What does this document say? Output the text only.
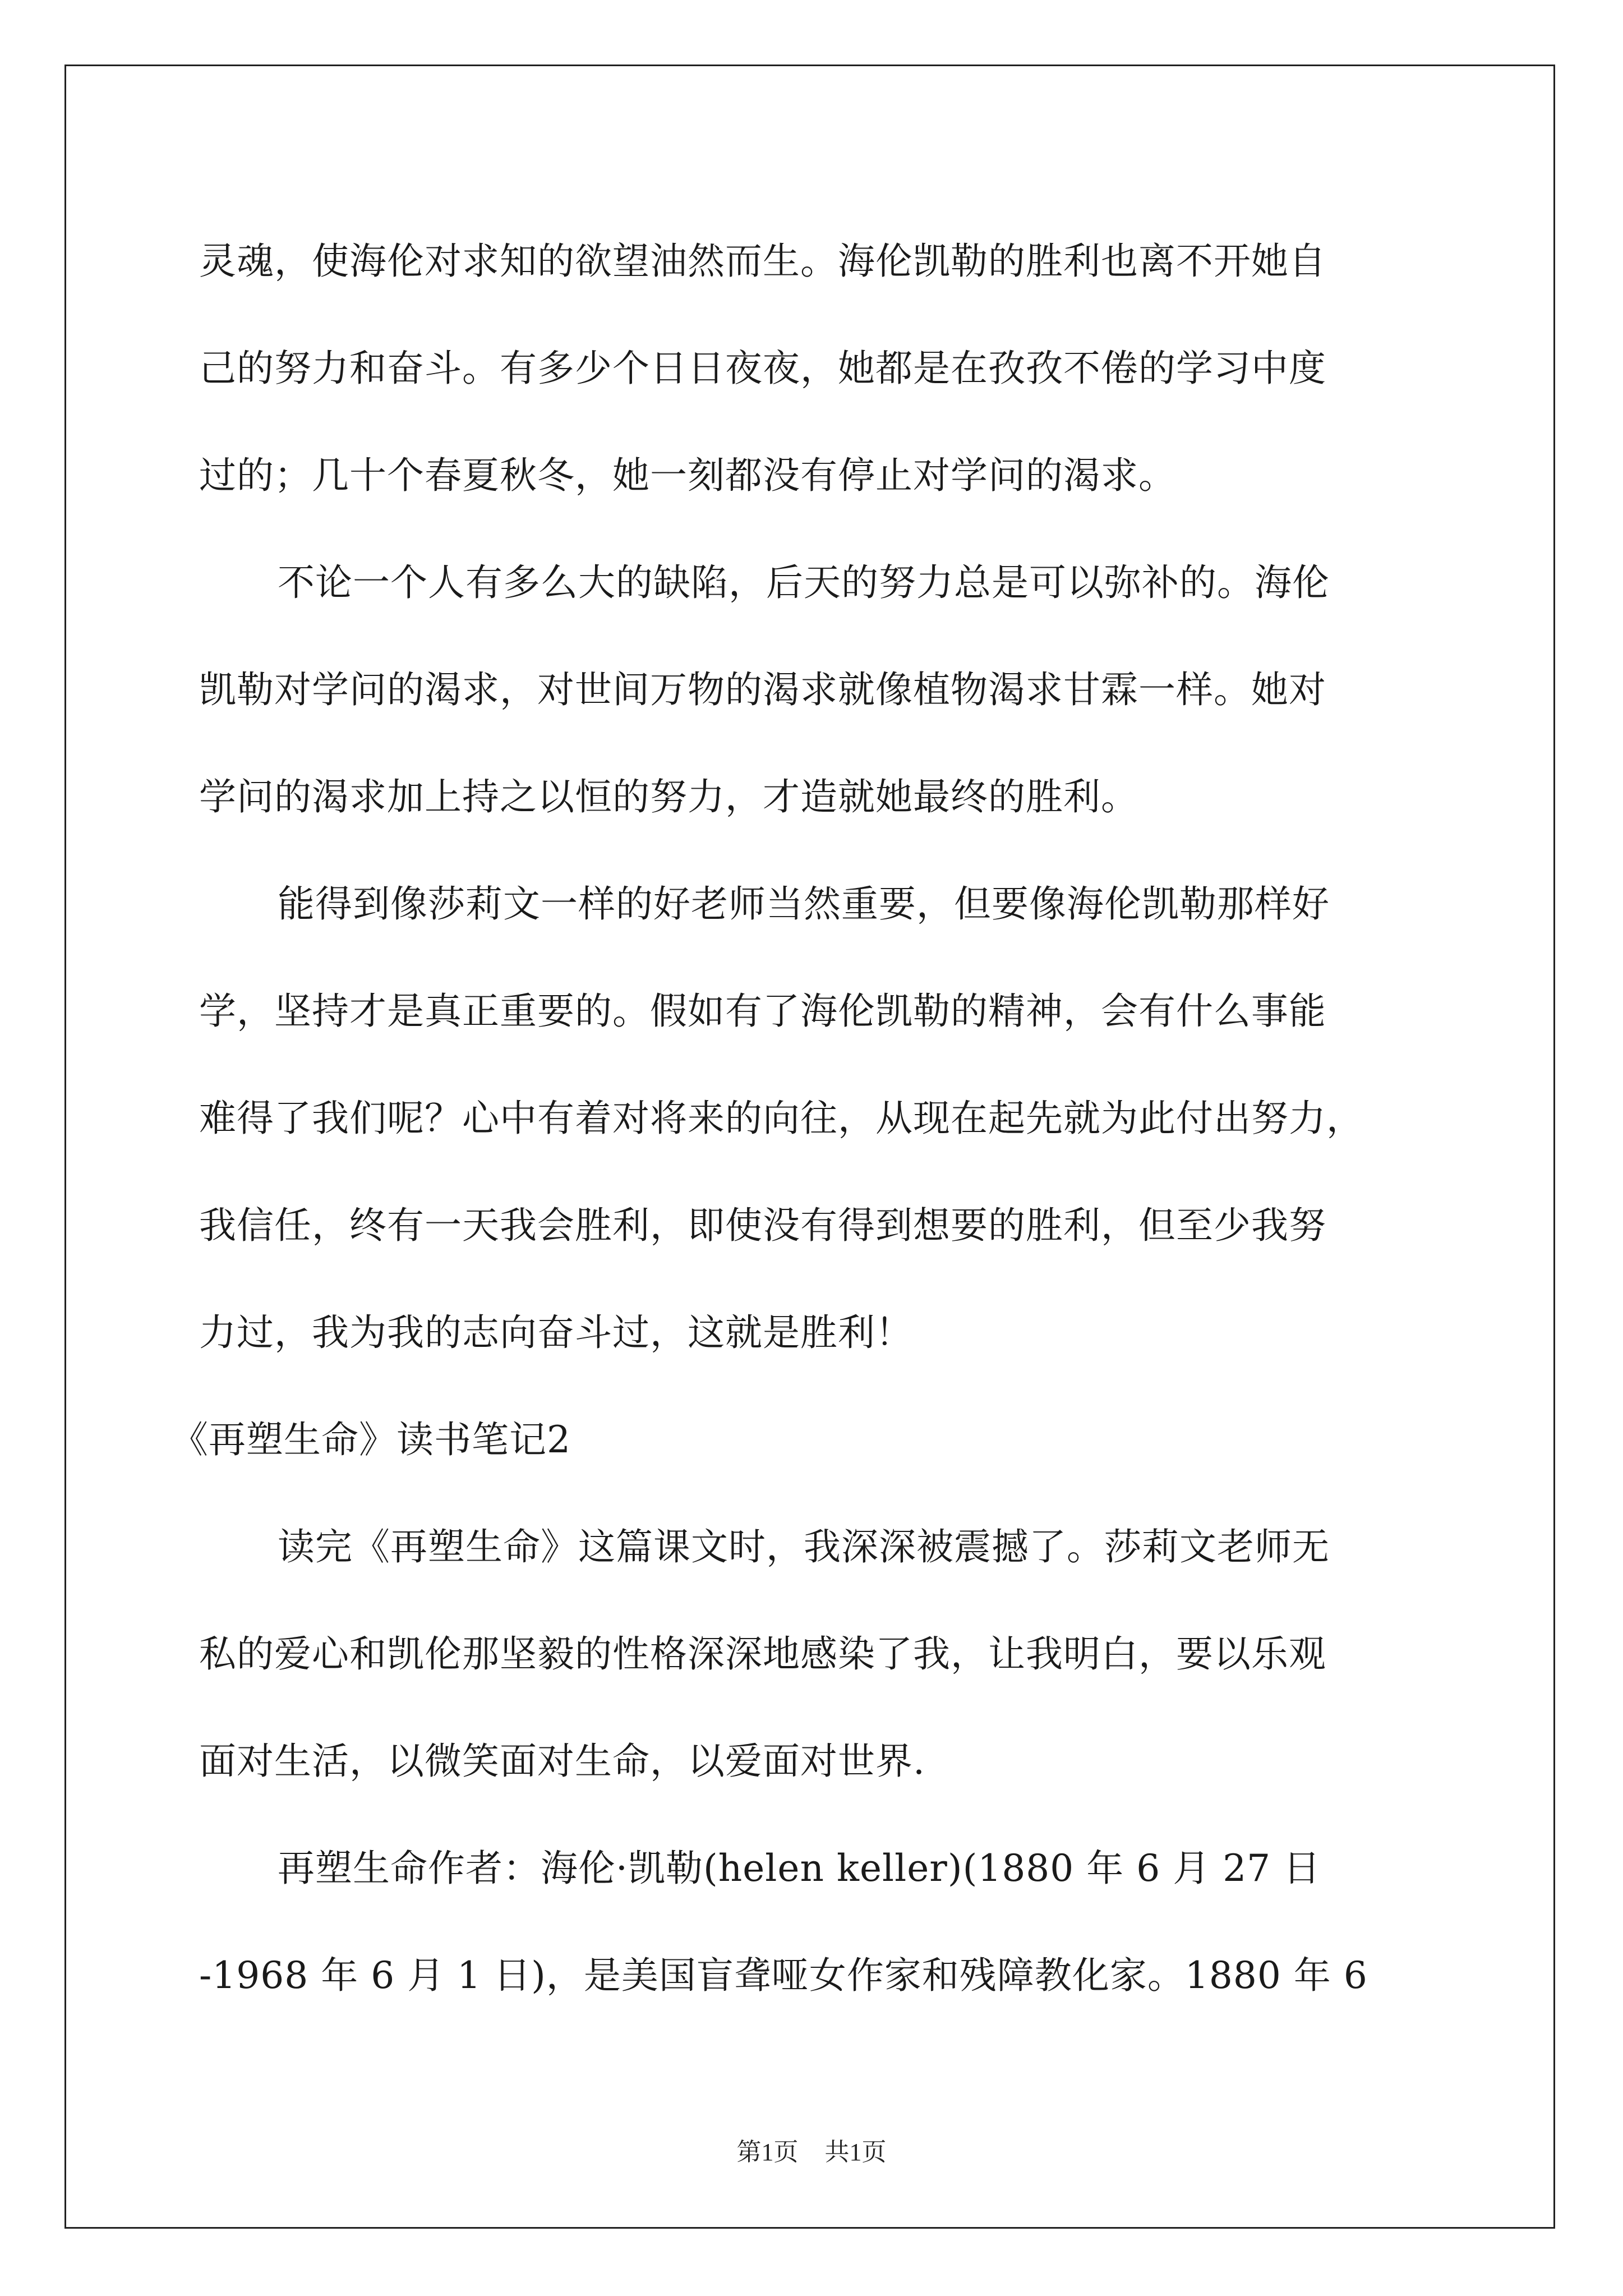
灵魂，使海伦对求知的欲望油然而生。海伦凯勒的胜利也离不开她自
己的努力和奋斗。有多少个日日夜夜，她都是在孜孜不倦的学习中度
过的；几十个春夏秋冬，她一刻都没有停止对学问的渴求。
不论一个人有多么大的缺陷，后天的努力总是可以弥补的。海伦
凯勒对学问的渴求，对世间万物的渴求就像植物渴求甘霖一样。她对
学问的渴求加上持之以恒的努力，才造就她最终的胜利。
能得到像莎莉文一样的好老师当然重要，但要像海伦凯勒那样好
学，坚持才是真正重要的。假如有了海伦凯勒的精神，会有什么事能
难得了我们呢？心中有着对将来的向往，从现在起先就为此付出努力，
我信任，终有一天我会胜利，即使没有得到想要的胜利，但至少我努
力过，我为我的志向奋斗过，这就是胜利！
《再塑生命》读书笔记2
读完《再塑生命》这篇课文时，我深深被震撼了。莎莉文老师无
私的爱心和凯伦那坚毅的性格深深地感染了我，让我明白，要以乐观
面对生活，以微笑面对生命，以爱面对世界.
再塑生命作者：海伦·凯勒(helen keller)(1880 年 6 月 27 日
-1968 年 6 月 1 日)，是美国盲聋哑女作家和残障教化家。1880 年 6
第1页 共1页
